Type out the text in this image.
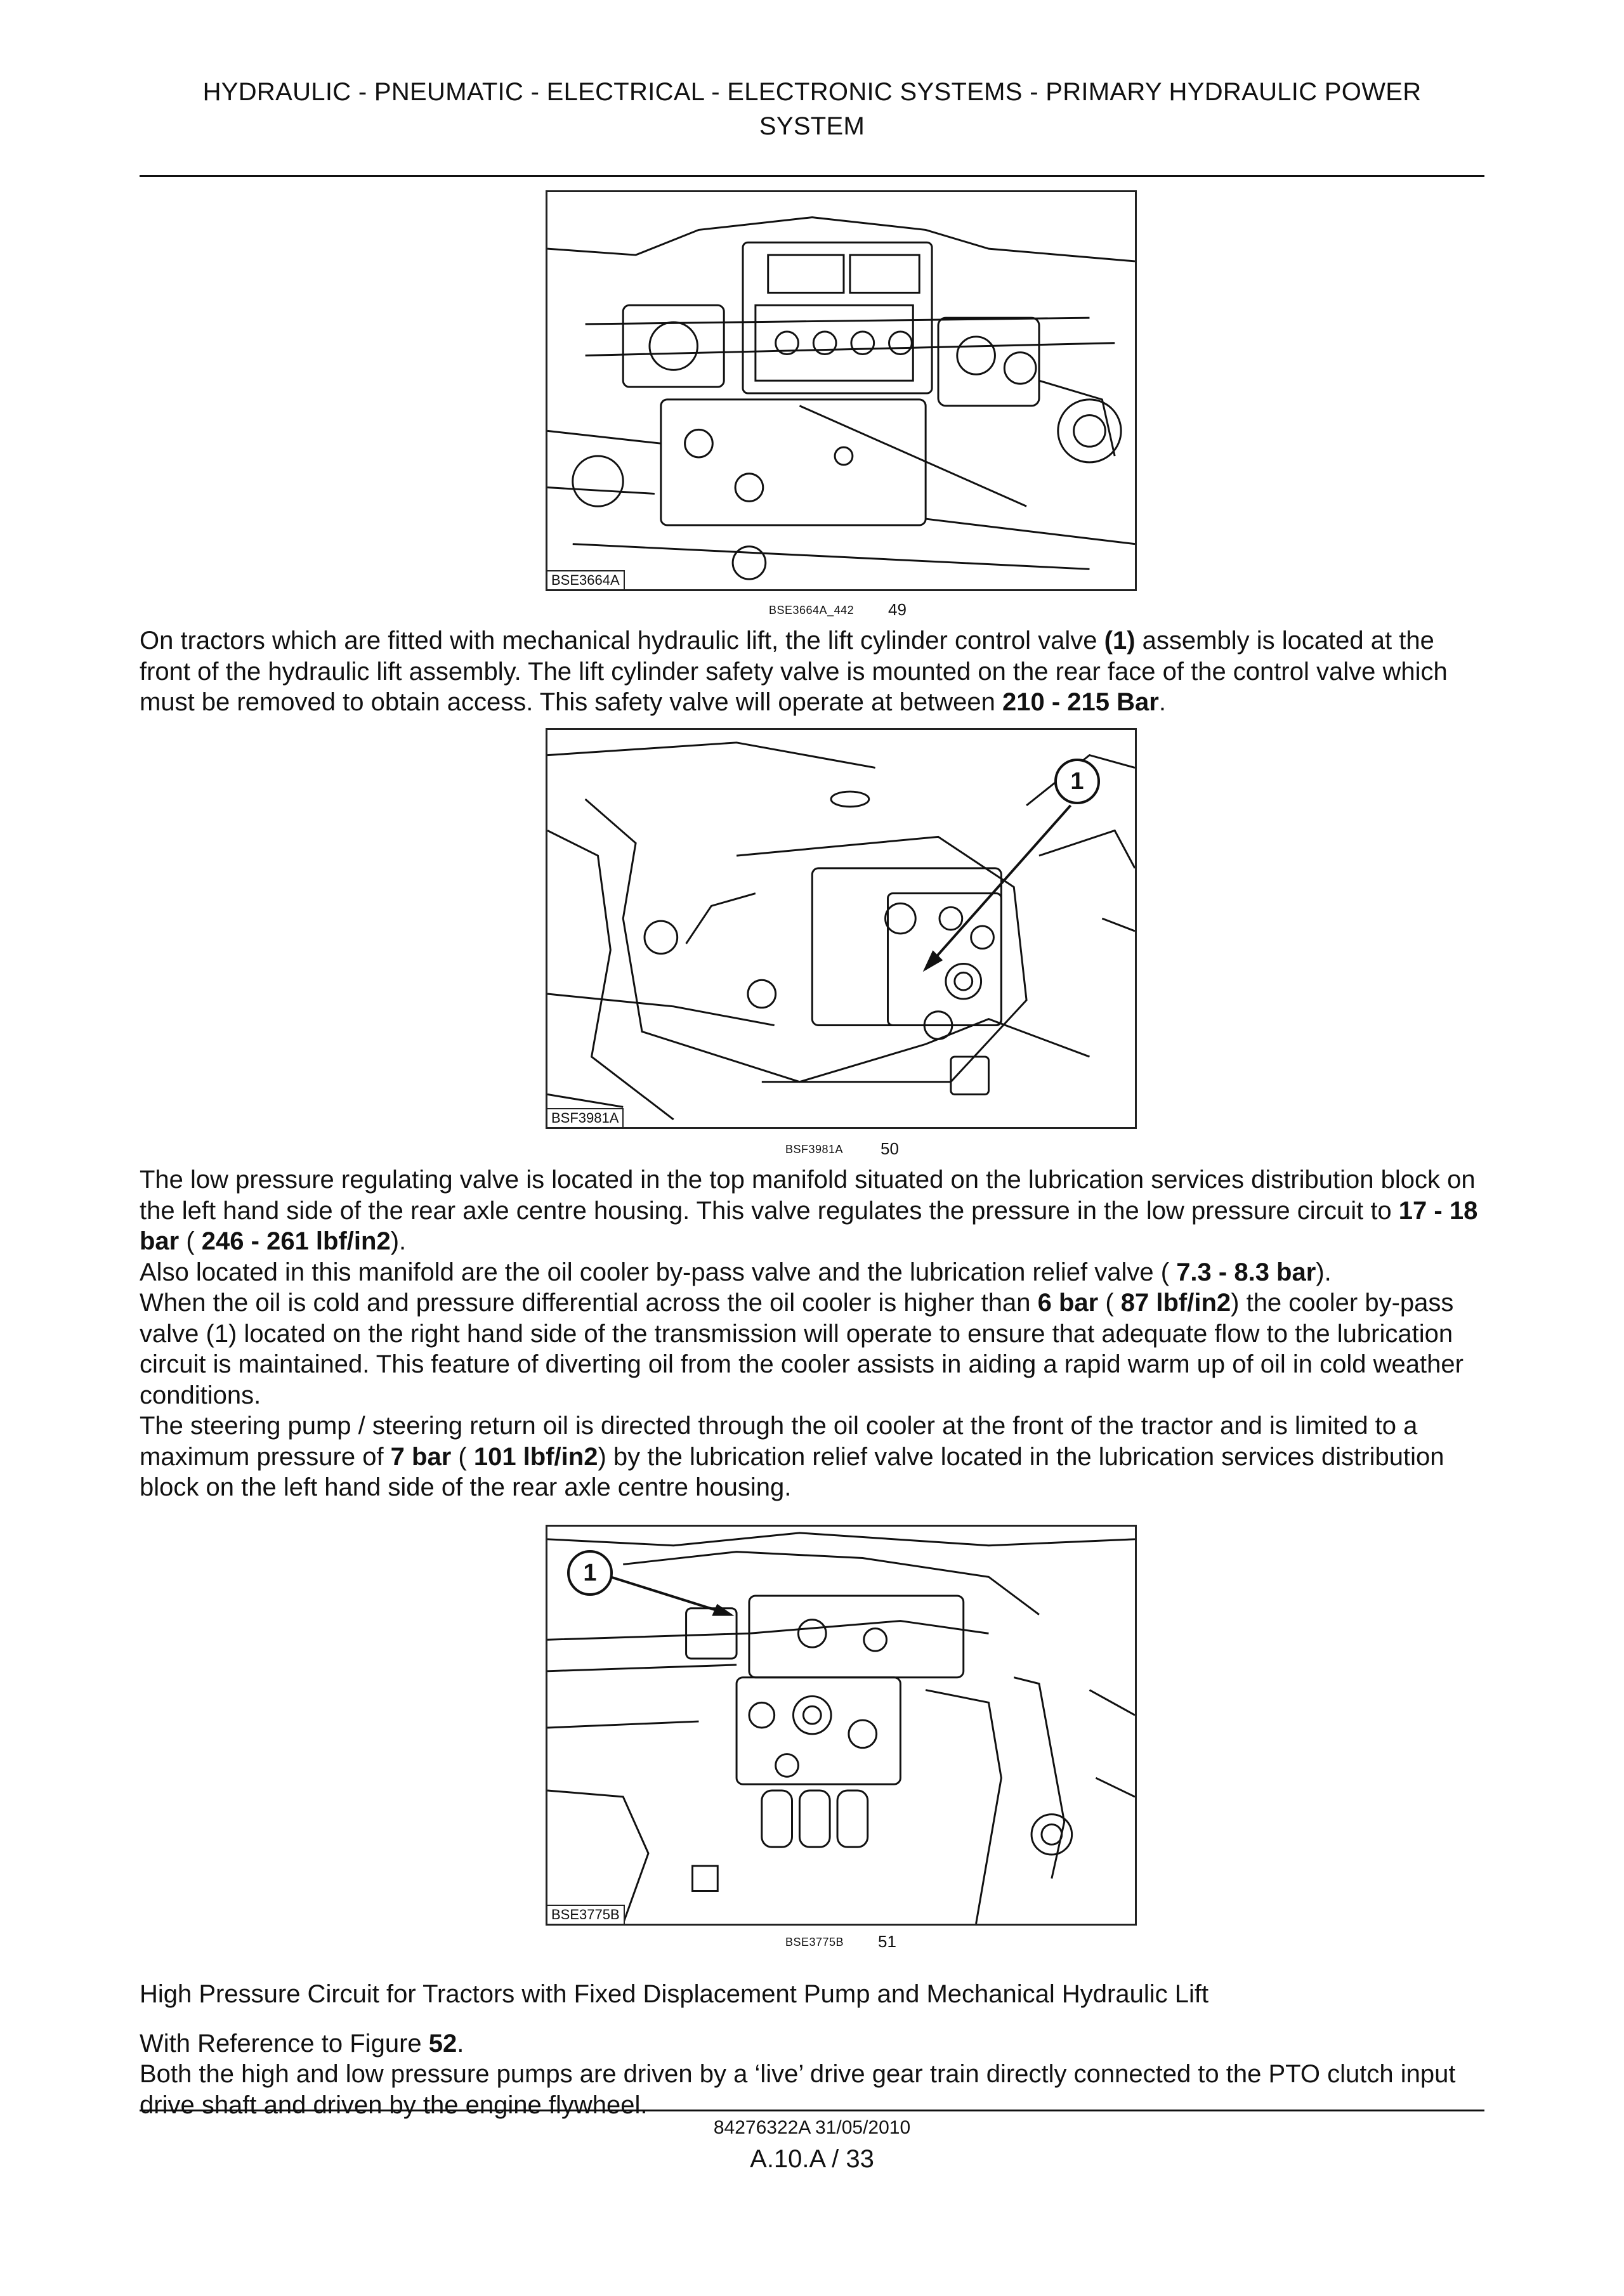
HYDRAULIC - PNEUMATIC - ELECTRICAL - ELECTRONIC SYSTEMS - PRIMARY HYDRAULIC POWER
SYSTEM
BSE3664A
BSE3664A_442 49
On tractors which are fitted with mechanical hydraulic lift, the lift cylinder control valve (1) assembly is located at the front of the hydraulic lift assembly. The lift cylinder safety valve is mounted on the rear face of the control valve which must be removed to obtain access. This safety valve will operate at between 210 - 215 Bar.
BSF3981A
1
BSF3981A 50
The low pressure regulating valve is located in the top manifold situated on the lubrication services distribution block on the left hand side of the rear axle centre housing. This valve regulates the pressure in the low pressure circuit to 17 - 18 bar ( 246 - 261 lbf/in2).
Also located in this manifold are the oil cooler by-pass valve and the lubrication relief valve ( 7.3 - 8.3 bar).
When the oil is cold and pressure differential across the oil cooler is higher than 6 bar ( 87 lbf/in2) the cooler by-pass valve (1) located on the right hand side of the transmission will operate to ensure that adequate flow to the lubrication circuit is maintained. This feature of diverting oil from the cooler assists in aiding a rapid warm up of oil in cold weather conditions.
The steering pump / steering return oil is directed through the oil cooler at the front of the tractor and is limited to a maximum pressure of 7 bar ( 101 lbf/in2) by the lubrication relief valve located in the lubrication services distribution block on the left hand side of the rear axle centre housing.
BSE3775B
1
BSE3775B 51
High Pressure Circuit for Tractors with Fixed Displacement Pump and Mechanical Hydraulic Lift
With Reference to Figure 52.
Both the high and low pressure pumps are driven by a ‘live’ drive gear train directly connected to the PTO clutch input drive shaft and driven by the engine flywheel.
84276322A 31/05/2010
A.10.A / 33
